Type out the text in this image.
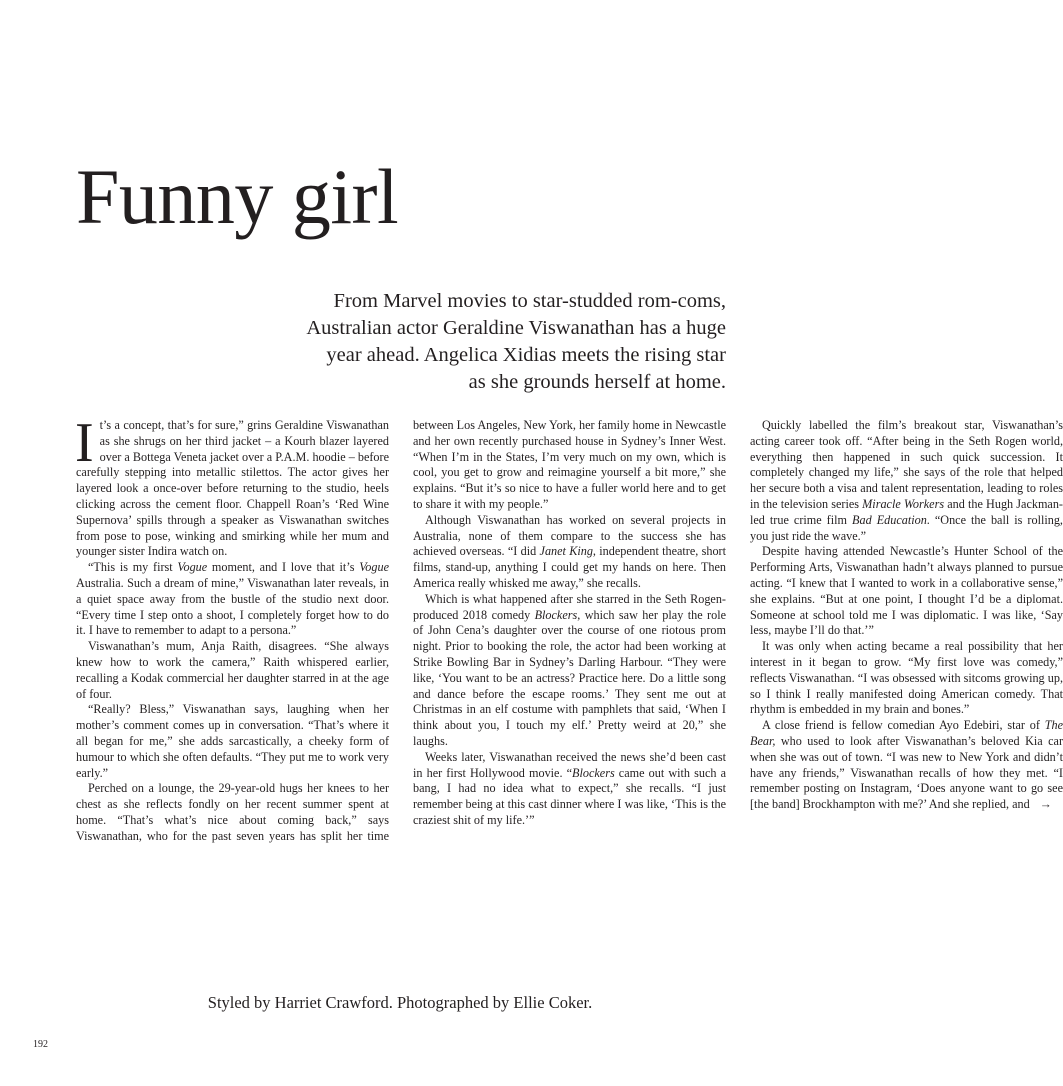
Funny girl

From Marvel movies to star-studded rom-coms, Australian actor Geraldine Viswanathan has a huge year ahead. Angelica Xidias meets the rising star as she grounds herself at home.

It’s a concept, that’s for sure,” grins Geraldine Viswanathan as she shrugs on her third jacket – a Kourh blazer layered over a Bottega Veneta jacket over a P.A.M. hoodie – before carefully stepping into metallic stilettos. The actor gives her layered look a once-over before returning to the studio, heels clicking across the cement floor. Chappell Roan’s ‘Red Wine Supernova’ spills through a speaker as Viswanathan switches from pose to pose, winking and smirking while her mum and younger sister Indira watch on.

“This is my first Vogue moment, and I love that it’s Vogue Australia. Such a dream of mine,” Viswanathan later reveals, in a quiet space away from the bustle of the studio next door. “Every time I step onto a shoot, I completely forget how to do it. I have to remember to adapt to a persona.”

Viswanathan’s mum, Anja Raith, disagrees. “She always knew how to work the camera,” Raith whispered earlier, recalling a Kodak commercial her daughter starred in at the age of four.

“Really? Bless,” Viswanathan says, laughing when her mother’s comment comes up in conversation. “That’s where it all began for me,” she adds sarcastically, a cheeky form of humour to which she often defaults. “They put me to work very early.”

Perched on a lounge, the 29-year-old hugs her knees to her chest as she reflects fondly on her recent summer spent at home. “That’s what’s nice about coming back,” says Viswanathan, who for the past seven years has split her time between Los Angeles, New York, her family home in Newcastle and her own recently purchased house in Sydney’s Inner West. “When I’m in the States, I’m very much on my own, which is cool, you get to grow and reimagine yourself a bit more,” she explains. “But it’s so nice to have a fuller world here and to get to share it with my people.”

Although Viswanathan has worked on several projects in Australia, none of them compare to the success she has achieved overseas. “I did Janet King, independent theatre, short films, stand-up, anything I could get my hands on here. Then America really whisked me away,” she recalls.

Which is what happened after she starred in the Seth Rogen-produced 2018 comedy Blockers, which saw her play the role of John Cena’s daughter over the course of one riotous prom night. Prior to booking the role, the actor had been working at Strike Bowling Bar in Sydney’s Darling Harbour. “They were like, ‘You want to be an actress? Practice here. Do a little song and dance before the escape rooms.’ They sent me out at Christmas in an elf costume with pamphlets that said, ‘When I think about you, I touch my elf.’ Pretty weird at 20,” she laughs.

Weeks later, Viswanathan received the news she’d been cast in her first Hollywood movie. “Blockers came out with such a bang, I had no idea what to expect,” she recalls. “I just remember being at this cast dinner where I was like, ‘This is the craziest shit of my life.’”

Quickly labelled the film’s breakout star, Viswanathan’s acting career took off. “After being in the Seth Rogen world, everything then happened in such quick succession. It completely changed my life,” she says of the role that helped her secure both a visa and talent representation, leading to roles in the television series Miracle Workers and the Hugh Jackman-led true crime film Bad Education. “Once the ball is rolling, you just ride the wave.”

Despite having attended Newcastle’s Hunter School of the Performing Arts, Viswanathan hadn’t always planned to pursue acting. “I knew that I wanted to work in a collaborative sense,” she explains. “But at one point, I thought I’d be a diplomat. Someone at school told me I was diplomatic. I was like, ‘Say less, maybe I’ll do that.’”

It was only when acting became a real possibility that her interest in it began to grow. “My first love was comedy,” reflects Viswanathan. “I was obsessed with sitcoms growing up, so I think I really manifested doing American comedy. That rhythm is embedded in my brain and bones.”

A close friend is fellow comedian Ayo Edebiri, star of The Bear, who used to look after Viswanathan’s beloved Kia car when she was out of town. “I was new to New York and didn’t have any friends,” Viswanathan recalls of how they met. “I remember posting on Instagram, ‘Does anyone want to go see [the band] Brockhampton with me?’ And she replied, and →

Styled by Harriet Crawford. Photographed by Ellie Coker.

192
